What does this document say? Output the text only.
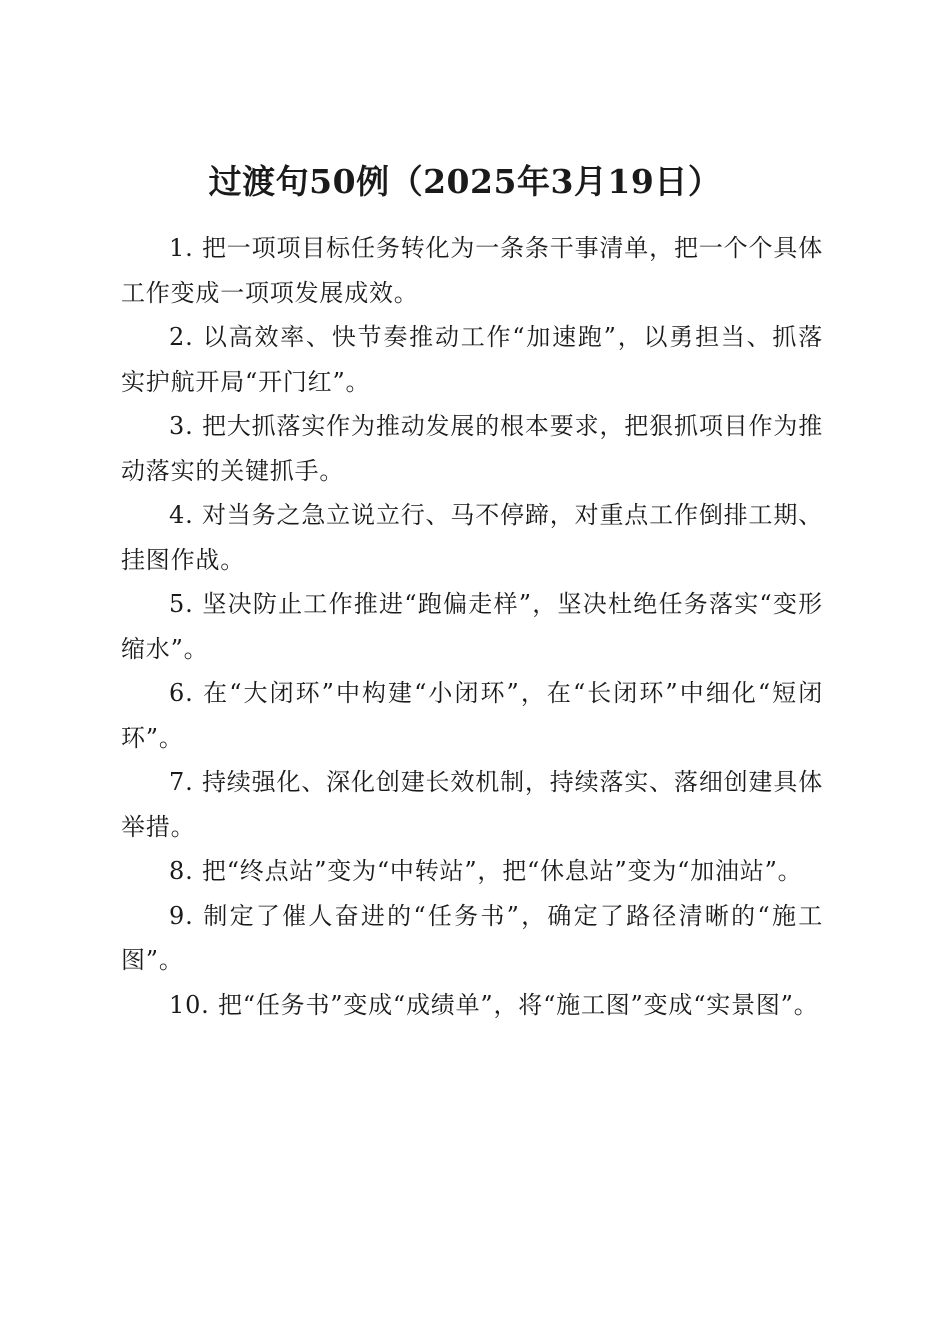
过渡句50例（2025年3月19日）

1. 把一项项目标任务转化为一条条干事清单，把一个个具体工作变成一项项发展成效。

2. 以高效率、快节奏推动工作“加速跑”，以勇担当、抓落实护航开局“开门红”。

3. 把大抓落实作为推动发展的根本要求，把狠抓项目作为推动落实的关键抓手。

4. 对当务之急立说立行、马不停蹄，对重点工作倒排工期、挂图作战。

5. 坚决防止工作推进“跑偏走样”，坚决杜绝任务落实“变形缩水”。

6. 在“大闭环”中构建“小闭环”，在“长闭环”中细化“短闭环”。

7. 持续强化、深化创建长效机制，持续落实、落细创建具体举措。

8. 把“终点站”变为“中转站”，把“休息站”变为“加油站”。

9. 制定了催人奋进的“任务书”，确定了路径清晰的“施工图”。

10. 把“任务书”变成“成绩单”，将“施工图”变成“实景图”。
